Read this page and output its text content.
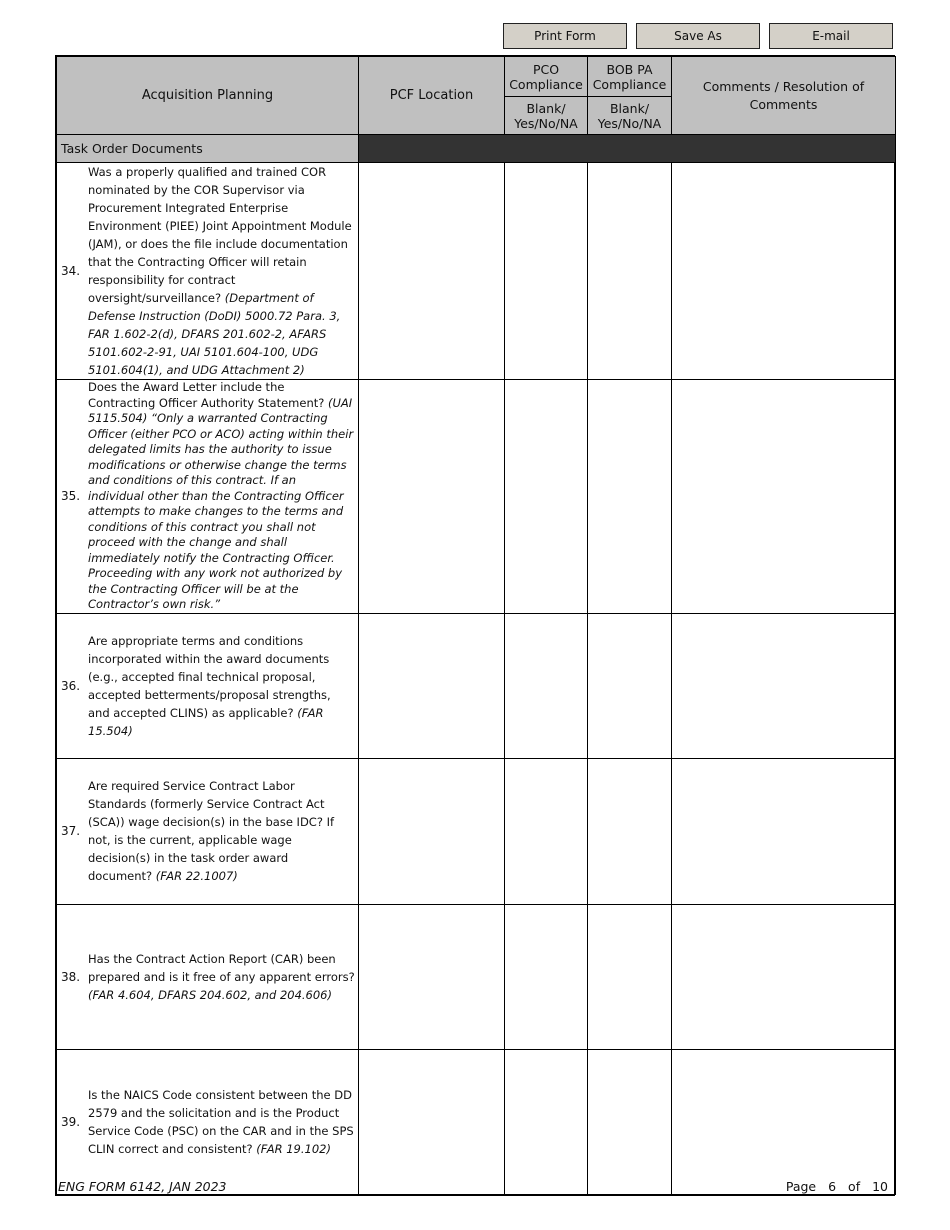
Print Form	Save As	E-mail
Acquisition Planning	PCF Location	PCO Compliance	BOB PA Compliance	Comments / Resolution of Comments
		Blank/ Yes/No/NA	Blank/ Yes/No/NA	
Task Order Documents				

34.
Was a properly qualified and trained COR nominated by the COR Supervisor via Procurement Integrated Enterprise Environment (PIEE) Joint Appointment Module (JAM), or does the file include documentation that the Contracting Officer will retain responsibility for contract oversight/surveillance? (Department of Defense Instruction (DoDI) 5000.72 Para. 3, FAR 1.602-2(d), DFARS 201.602-2, AFARS 5101.602-2-91, UAI 5101.604-100, UDG 5101.604(1), and UDG Attachment 2)				

35.
Does the Award Letter include the Contracting Officer Authority Statement? (UAI 5115.504) “Only a warranted Contracting Officer (either PCO or ACO) acting within their delegated limits has the authority to issue modifications or otherwise change the terms and conditions of this contract. If an individual other than the Contracting Officer attempts to make changes to the terms and conditions of this contract you shall not proceed with the change and shall immediately notify the Contracting Officer. Proceeding with any work not authorized by the Contracting Officer will be at the Contractor’s own risk.”				

36.
Are appropriate terms and conditions incorporated within the award documents (e.g., accepted final technical proposal, accepted betterments/proposal strengths, and accepted CLINS) as applicable? (FAR 15.504)				

37.
Are required Service Contract Labor Standards (formerly Service Contract Act (SCA)) wage decision(s) in the base IDC? If not, is the current, applicable wage decision(s) in the task order award document? (FAR 22.1007)				

38.
Has the Contract Action Report (CAR) been prepared and is it free of any apparent errors? (FAR 4.604, DFARS 204.602, and 204.606)				

39.
Is the NAICS Code consistent between the DD 2579 and the solicitation and is the Product Service Code (PSC) on the CAR and in the SPS CLIN correct and consistent? (FAR 19.102)				

ENG FORM 6142, JAN 2023	Page 6 of 10
